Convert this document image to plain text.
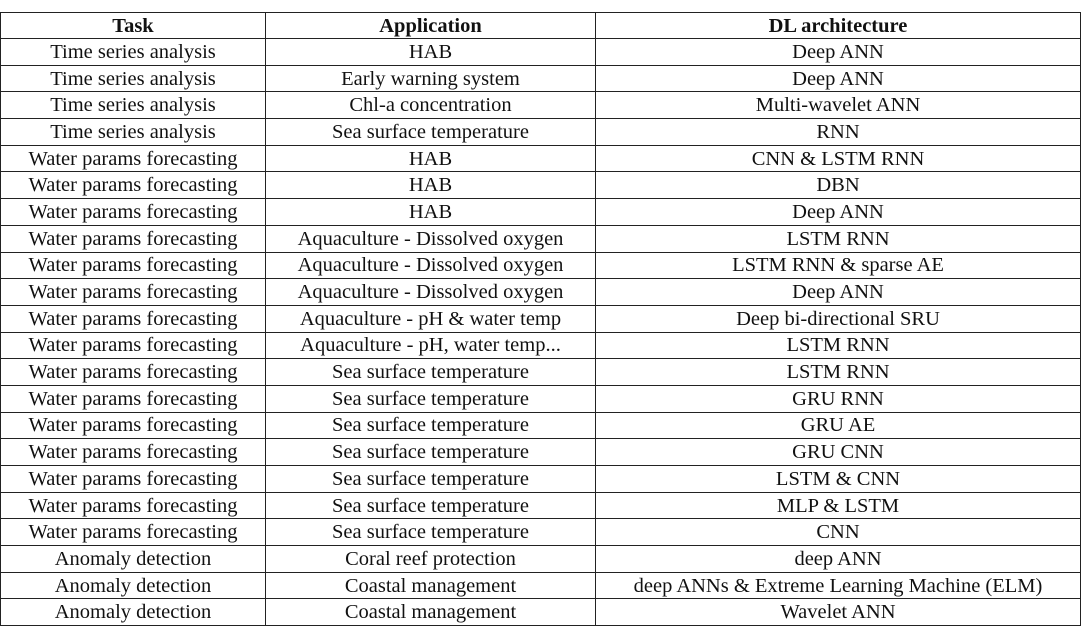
Task	Application	DL architecture
Time series analysis	HAB	Deep ANN
Time series analysis	Early warning system	Deep ANN
Time series analysis	Chl-a concentration	Multi-wavelet ANN
Time series analysis	Sea surface temperature	RNN
Water params forecasting	HAB	CNN & LSTM RNN
Water params forecasting	HAB	DBN
Water params forecasting	HAB	Deep ANN
Water params forecasting	Aquaculture - Dissolved oxygen	LSTM RNN
Water params forecasting	Aquaculture - Dissolved oxygen	LSTM RNN & sparse AE
Water params forecasting	Aquaculture - Dissolved oxygen	Deep ANN
Water params forecasting	Aquaculture - pH & water temp	Deep bi-directional SRU
Water params forecasting	Aquaculture - pH, water temp...	LSTM RNN
Water params forecasting	Sea surface temperature	LSTM RNN
Water params forecasting	Sea surface temperature	GRU RNN
Water params forecasting	Sea surface temperature	GRU AE
Water params forecasting	Sea surface temperature	GRU CNN
Water params forecasting	Sea surface temperature	LSTM & CNN
Water params forecasting	Sea surface temperature	MLP & LSTM
Water params forecasting	Sea surface temperature	CNN
Anomaly detection	Coral reef protection	deep ANN
Anomaly detection	Coastal management	deep ANNs & Extreme Learning Machine (ELM)
Anomaly detection	Coastal management	Wavelet ANN
